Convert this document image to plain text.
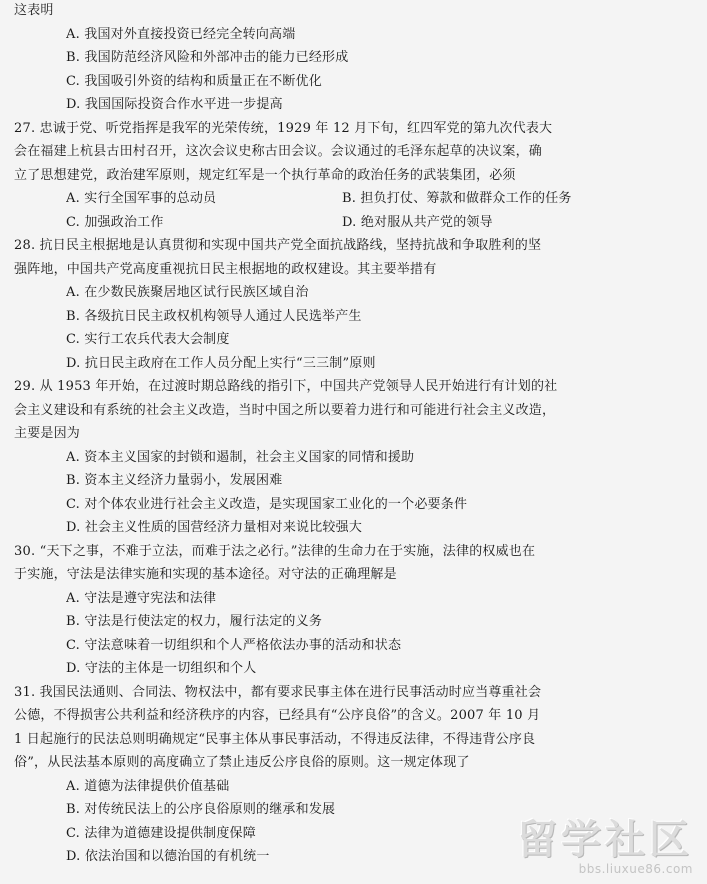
这表明
A. 我国对外直接投资已经完全转向高端
B. 我国防范经济风险和外部冲击的能力已经形成
C. 我国吸引外资的结构和质量正在不断优化
D. 我国国际投资合作水平进一步提高
27. 忠诚于党、听党指挥是我军的光荣传统，1929 年 12 月下旬，红四军党的第九次代表大
会在福建上杭县古田村召开，这次会议史称古田会议。会议通过的毛泽东起草的决议案，确
立了思想建党，政治建军原则，规定红军是一个执行革命的政治任务的武装集团，必须
A. 实行全国军事的总动员	B. 担负打仗、筹款和做群众工作的任务
C. 加强政治工作	D. 绝对服从共产党的领导
28. 抗日民主根据地是认真贯彻和实现中国共产党全面抗战路线，坚持抗战和争取胜利的坚
强阵地，中国共产党高度重视抗日民主根据地的政权建设。其主要举措有
A. 在少数民族聚居地区试行民族区域自治
B. 各级抗日民主政权机构领导人通过人民选举产生
C. 实行工农兵代表大会制度
D. 抗日民主政府在工作人员分配上实行“三三制”原则
29. 从 1953 年开始，在过渡时期总路线的指引下，中国共产党领导人民开始进行有计划的社
会主义建设和有系统的社会主义改造，当时中国之所以要着力进行和可能进行社会主义改造，
主要是因为
A. 资本主义国家的封锁和遏制，社会主义国家的同情和援助
B. 资本主义经济力量弱小，发展困难
C. 对个体农业进行社会主义改造，是实现国家工业化的一个必要条件
D. 社会主义性质的国营经济力量相对来说比较强大
30. “天下之事，不难于立法，而难于法之必行。”法律的生命力在于实施，法律的权威也在
于实施，守法是法律实施和实现的基本途径。对守法的正确理解是
A. 守法是遵守宪法和法律
B. 守法是行使法定的权力，履行法定的义务
C. 守法意味着一切组织和个人严格依法办事的活动和状态
D. 守法的主体是一切组织和个人
31. 我国民法通则、合同法、物权法中，都有要求民事主体在进行民事活动时应当尊重社会
公德，不得损害公共利益和经济秩序的内容，已经具有“公序良俗”的含义。2007 年 10 月
1 日起施行的民法总则明确规定“民事主体从事民事活动，不得违反法律，不得违背公序良
俗”，从民法基本原则的高度确立了禁止违反公序良俗的原则。这一规定体现了
A. 道德为法律提供价值基础
B. 对传统民法上的公序良俗原则的继承和发展
C. 法律为道德建设提供制度保障
D. 依法治国和以德治国的有机统一	留学社区
bbs.liuxue86.com
